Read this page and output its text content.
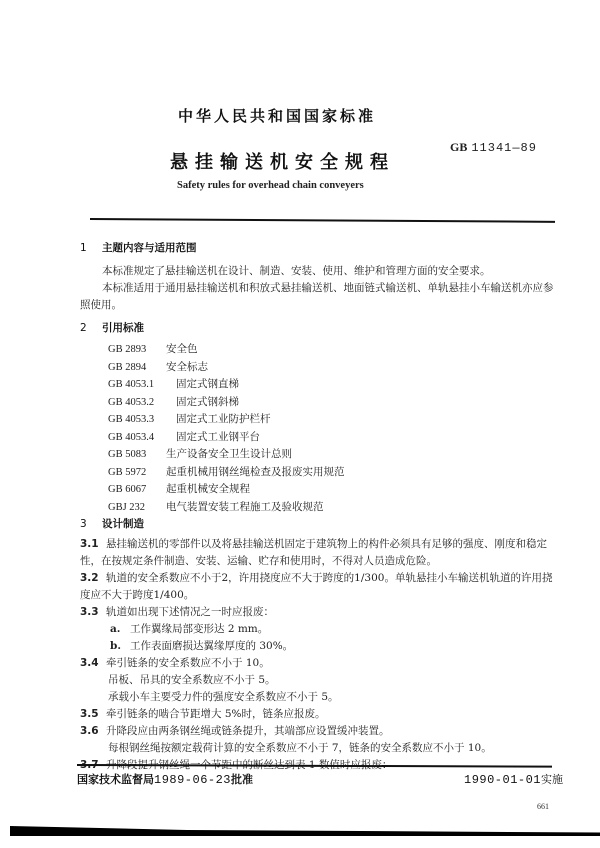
中华人民共和国国家标准
悬挂输送机安全规程
GB 11341—89
Safety rules for overhead chain conveyers
1 主题内容与适用范围
本标准规定了悬挂输送机在设计、制造、安装、使用、维护和管理方面的安全要求。
本标准适用于通用悬挂输送机和积放式悬挂输送机、地面链式输送机、单轨悬挂小车输送机亦应参照使用。
2 引用标准
GB 2893 安全色
GB 2894 安全标志
GB 4053.1 固定式钢直梯
GB 4053.2 固定式钢斜梯
GB 4053.3 固定式工业防护栏杆
GB 4053.4 固定式工业钢平台
GB 5083 生产设备安全卫生设计总则
GB 5972 起重机械用钢丝绳检查及报废实用规范
GB 6067 起重机械安全规程
GBJ 232 电气装置安装工程施工及验收规范
3 设计制造
3.1 悬挂输送机的零部件以及将悬挂输送机固定于建筑物上的构件必须具有足够的强度、刚度和稳定性，在按规定条件制造、安装、运输、贮存和使用时，不得对人员造成危险。
3.2 轨道的安全系数应不小于2，许用挠度应不大于跨度的1/300。单轨悬挂小车输送机轨道的许用挠度应不大于跨度1/400。
3.3 轨道如出现下述情况之一时应报废：
a. 工作翼缘局部变形达 2 mm。
b. 工作表面磨损达翼缘厚度的 30%。
3.4 牵引链条的安全系数应不小于 10。
吊板、吊具的安全系数应不小于 5。
承载小车主要受力件的强度安全系数应不小于 5。
3.5 牵引链条的啮合节距增大 5%时，链条应报废。
3.6 升降段应由两条钢丝绳或链条提升，其端部应设置缓冲装置。
每根钢丝绳按额定载荷计算的安全系数应不小于 7，链条的安全系数应不小于 10。
国家技术监督局1989-06-23批准	1990-01-01实施
661
